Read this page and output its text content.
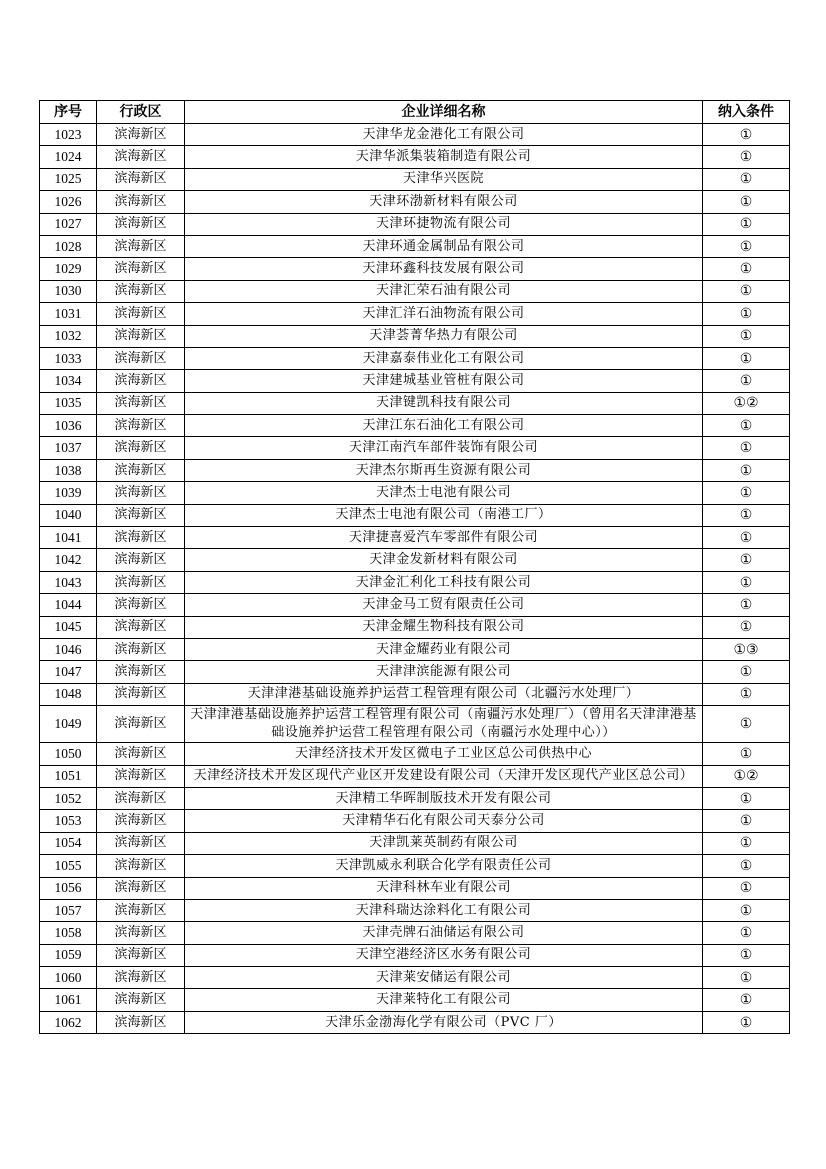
序号	行政区	企业详细名称	纳入条件
1023	滨海新区	天津华龙金港化工有限公司	①
1024	滨海新区	天津华派集装箱制造有限公司	①
1025	滨海新区	天津华兴医院	①
1026	滨海新区	天津环渤新材料有限公司	①
1027	滨海新区	天津环捷物流有限公司	①
1028	滨海新区	天津环通金属制品有限公司	①
1029	滨海新区	天津环鑫科技发展有限公司	①
1030	滨海新区	天津汇荣石油有限公司	①
1031	滨海新区	天津汇洋石油物流有限公司	①
1032	滨海新区	天津荟菁华热力有限公司	①
1033	滨海新区	天津嘉泰伟业化工有限公司	①
1034	滨海新区	天津建城基业管桩有限公司	①
1035	滨海新区	天津键凯科技有限公司	①②
1036	滨海新区	天津江东石油化工有限公司	①
1037	滨海新区	天津江南汽车部件装饰有限公司	①
1038	滨海新区	天津杰尔斯再生资源有限公司	①
1039	滨海新区	天津杰士电池有限公司	①
1040	滨海新区	天津杰士电池有限公司（南港工厂）	①
1041	滨海新区	天津捷喜爱汽车零部件有限公司	①
1042	滨海新区	天津金发新材料有限公司	①
1043	滨海新区	天津金汇利化工科技有限公司	①
1044	滨海新区	天津金马工贸有限责任公司	①
1045	滨海新区	天津金耀生物科技有限公司	①
1046	滨海新区	天津金耀药业有限公司	①③
1047	滨海新区	天津津滨能源有限公司	①
1048	滨海新区	天津津港基础设施养护运营工程管理有限公司（北疆污水处理厂）	①
1049	滨海新区	天津津港基础设施养护运营工程管理有限公司（南疆污水处理厂）（曾用名天津津港基础设施养护运营工程管理有限公司（南疆污水处理中心））	①
1050	滨海新区	天津经济技术开发区微电子工业区总公司供热中心	①
1051	滨海新区	天津经济技术开发区现代产业区开发建设有限公司（天津开发区现代产业区总公司）	①②
1052	滨海新区	天津精工华晖制版技术开发有限公司	①
1053	滨海新区	天津精华石化有限公司天泰分公司	①
1054	滨海新区	天津凯莱英制药有限公司	①
1055	滨海新区	天津凯威永利联合化学有限责任公司	①
1056	滨海新区	天津科林车业有限公司	①
1057	滨海新区	天津科瑞达涂料化工有限公司	①
1058	滨海新区	天津壳牌石油储运有限公司	①
1059	滨海新区	天津空港经济区水务有限公司	①
1060	滨海新区	天津莱安储运有限公司	①
1061	滨海新区	天津莱特化工有限公司	①
1062	滨海新区	天津乐金渤海化学有限公司（PVC 厂）	①
